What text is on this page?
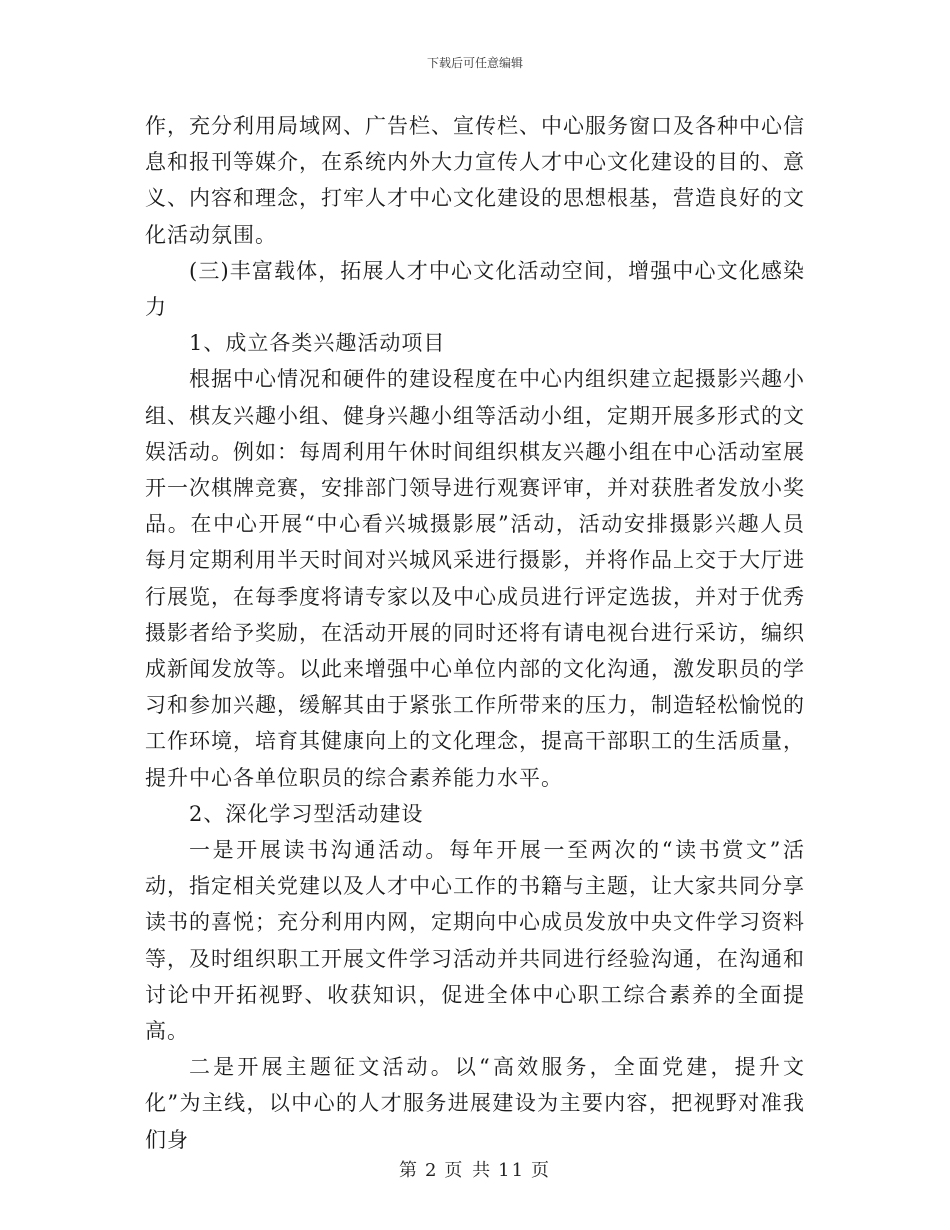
下载后可任意编辑

作，充分利用局域网、广告栏、宣传栏、中心服务窗口及各种中心信息和报刊等媒介，在系统内外大力宣传人才中心文化建设的目的、意义、内容和理念，打牢人才中心文化建设的思想根基，营造良好的文化活动氛围。

(三)丰富载体，拓展人才中心文化活动空间，增强中心文化感染力

1、成立各类兴趣活动项目

根据中心情况和硬件的建设程度在中心内组织建立起摄影兴趣小组、棋友兴趣小组、健身兴趣小组等活动小组，定期开展多形式的文娱活动。例如：每周利用午休时间组织棋友兴趣小组在中心活动室展开一次棋牌竞赛，安排部门领导进行观赛评审，并对获胜者发放小奖品。在中心开展“中心看兴城摄影展”活动，活动安排摄影兴趣人员每月定期利用半天时间对兴城风采进行摄影，并将作品上交于大厅进行展览，在每季度将请专家以及中心成员进行评定选拔，并对于优秀摄影者给予奖励，在活动开展的同时还将有请电视台进行采访，编织成新闻发放等。以此来增强中心单位内部的文化沟通，激发职员的学习和参加兴趣，缓解其由于紧张工作所带来的压力，制造轻松愉悦的工作环境，培育其健康向上的文化理念，提高干部职工的生活质量，提升中心各单位职员的综合素养能力水平。

2、深化学习型活动建设

一是开展读书沟通活动。每年开展一至两次的“读书赏文”活动，指定相关党建以及人才中心工作的书籍与主题，让大家共同分享读书的喜悦；充分利用内网，定期向中心成员发放中央文件学习资料等，及时组织职工开展文件学习活动并共同进行经验沟通，在沟通和讨论中开拓视野、收获知识，促进全体中心职工综合素养的全面提高。

二是开展主题征文活动。以“高效服务，全面党建，提升文化”为主线，以中心的人才服务进展建设为主要内容，把视野对准我们身

第 2 页 共 11 页
